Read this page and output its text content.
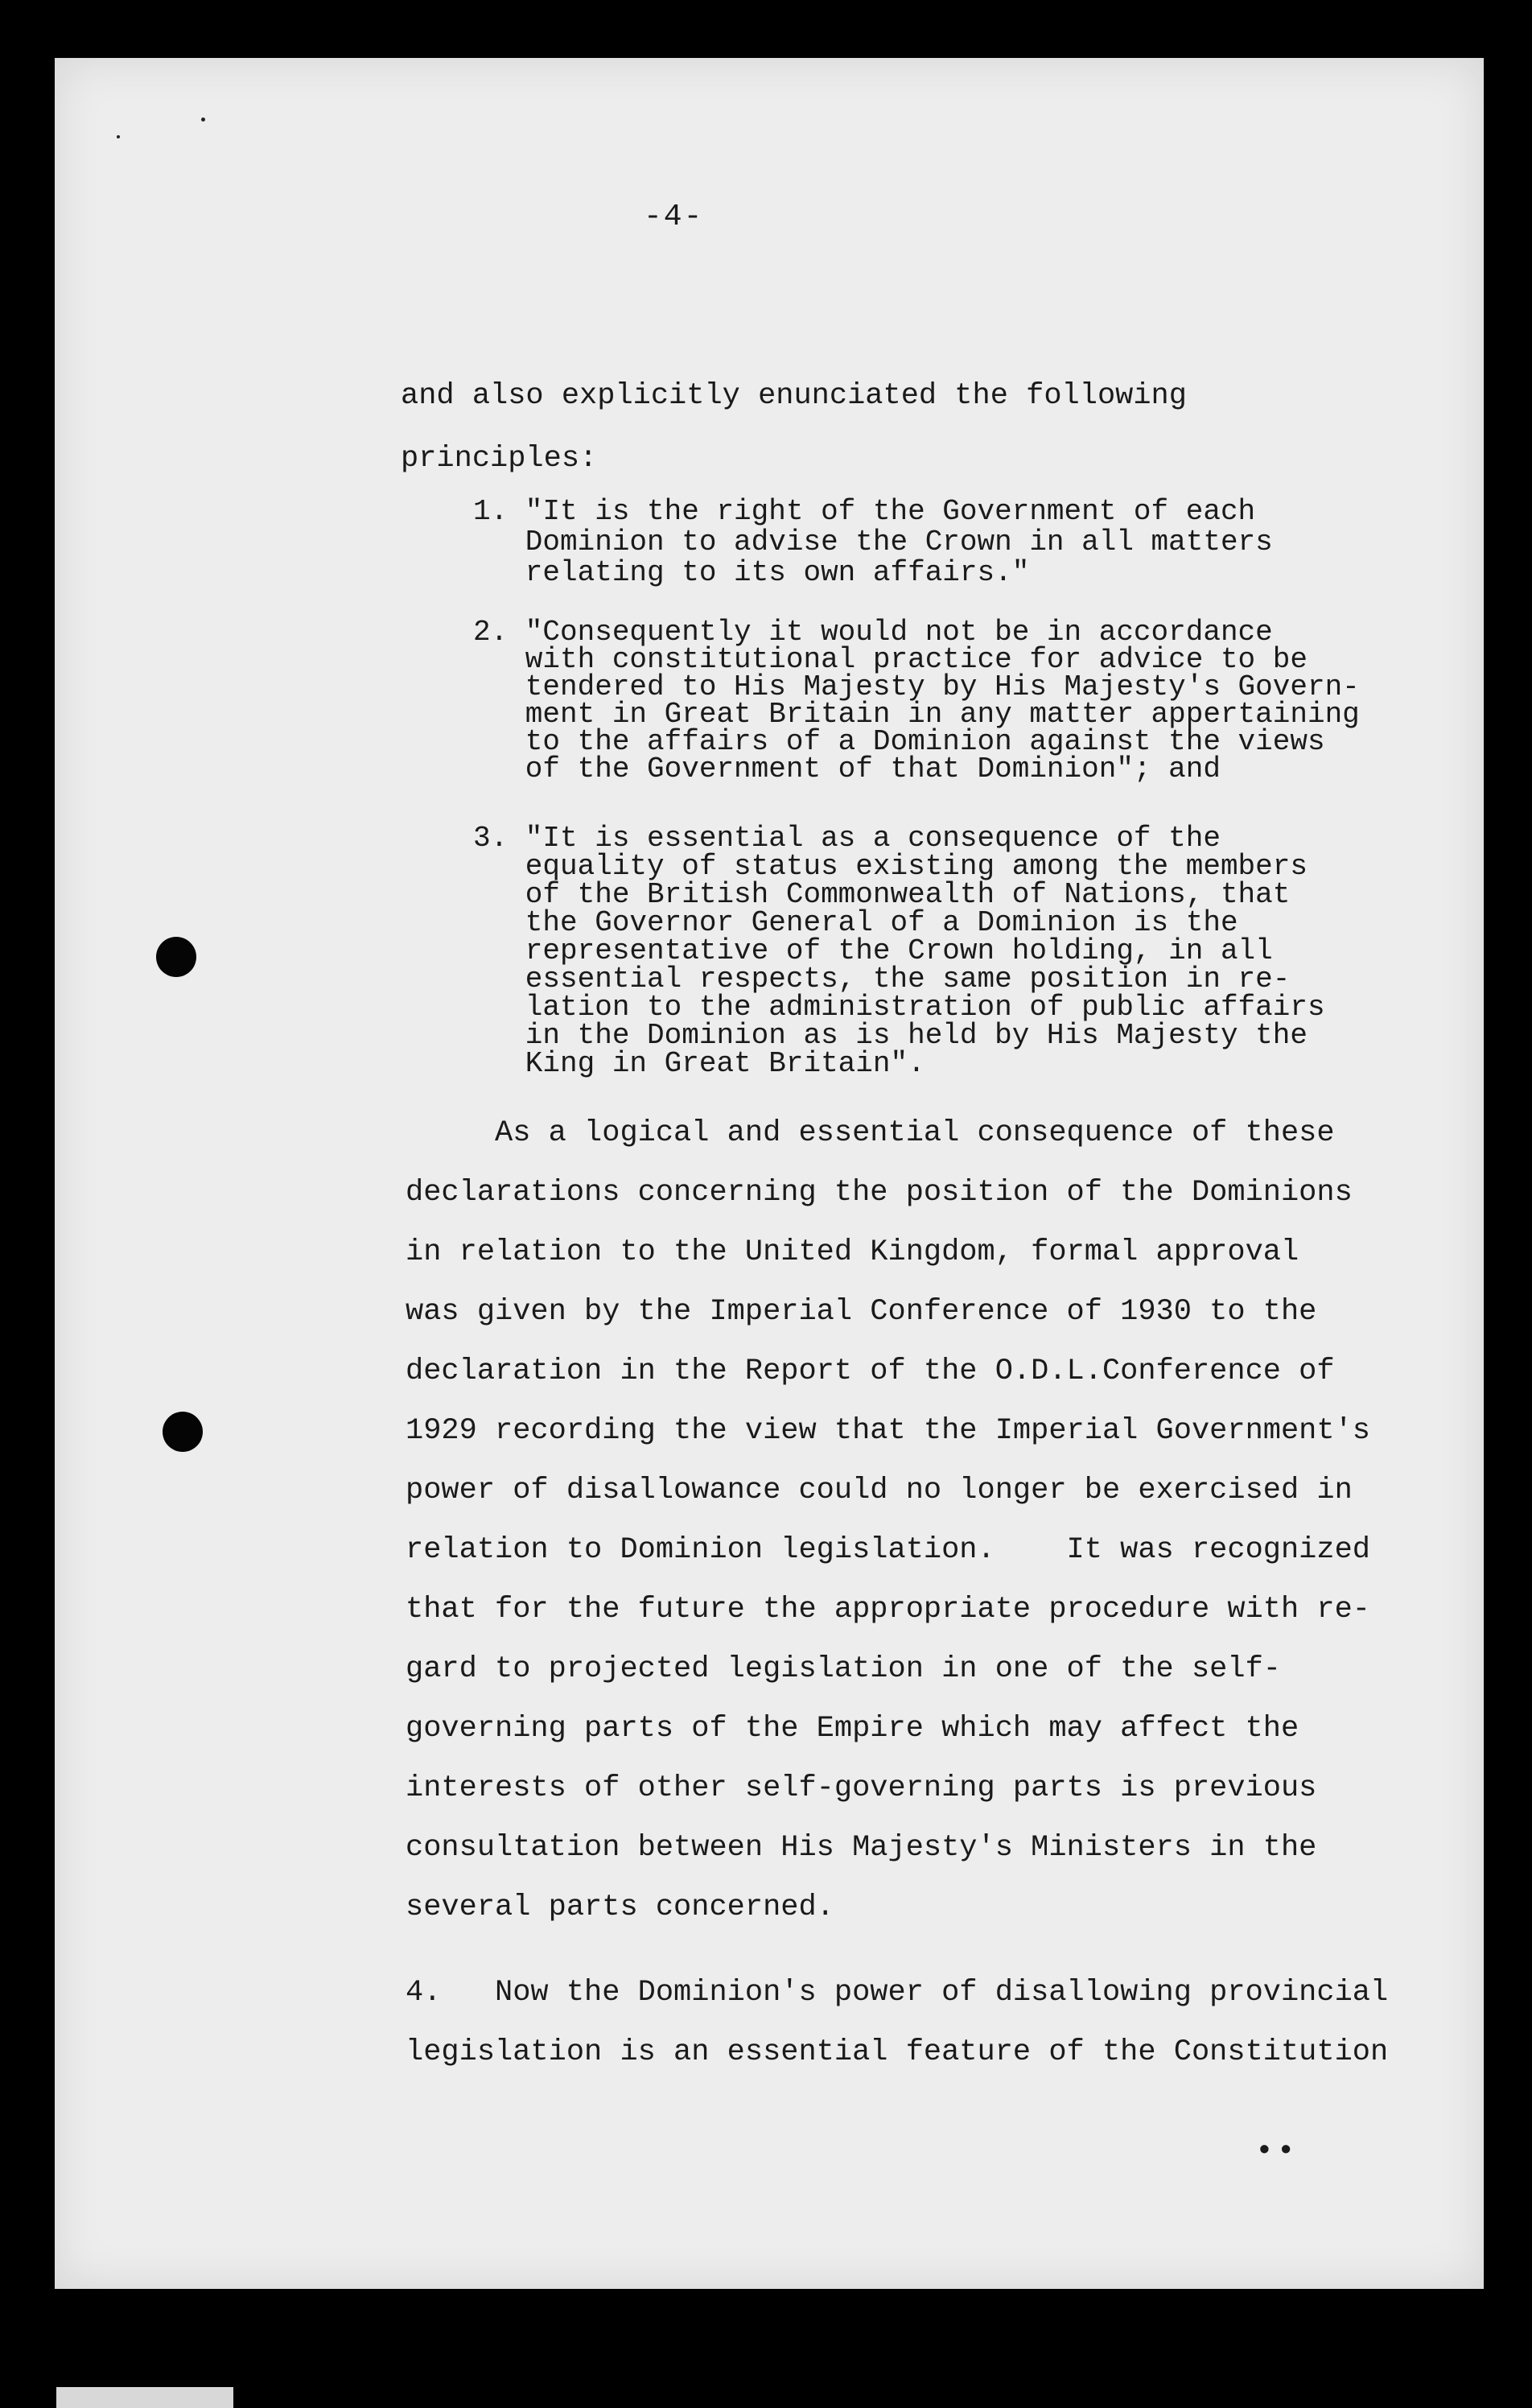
-4-
and also explicitly enunciated the following
principles:
1. "It is the right of the Government of each
Dominion to advise the Crown in all matters
relating to its own affairs."
2. "Consequently it would not be in accordance
with constitutional practice for advice to be
tendered to His Majesty by His Majesty's Govern-
ment in Great Britain in any matter appertaining
to the affairs of a Dominion against the views
of the Government of that Dominion"; and
3. "It is essential as a consequence of the
equality of status existing among the members
of the British Commonwealth of Nations, that
the Governor General of a Dominion is the
representative of the Crown holding, in all
essential respects, the same position in re-
lation to the administration of public affairs
in the Dominion as is held by His Majesty the
King in Great Britain".
As a logical and essential consequence of these
declarations concerning the position of the Dominions
in relation to the United Kingdom, formal approval
was given by the Imperial Conference of 1930 to the
declaration in the Report of the O.D.L.Conference of
1929 recording the view that the Imperial Government's
power of disallowance could no longer be exercised in
relation to Dominion legislation.    It was recognized
that for the future the appropriate procedure with re-
gard to projected legislation in one of the self-
governing parts of the Empire which may affect the
interests of other self-governing parts is previous
consultation between His Majesty's Ministers in the
several parts concerned.
4.   Now the Dominion's power of disallowing provincial
legislation is an essential feature of the Constitution
••
